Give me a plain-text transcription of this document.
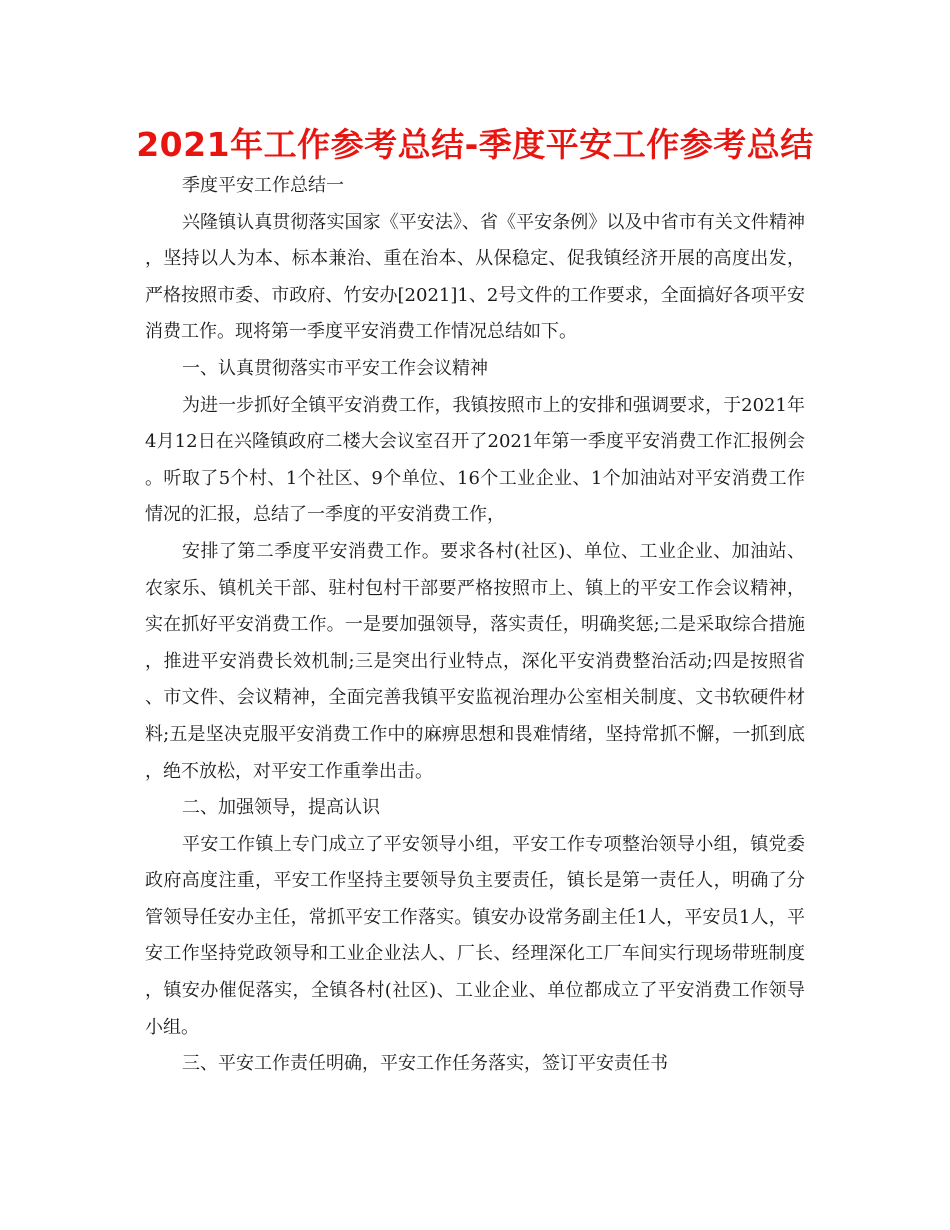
2021年工作参考总结-季度平安工作参考总结

季度平安工作总结一

兴隆镇认真贯彻落实国家《平安法》、省《平安条例》以及中省市有关文件精神，坚持以人为本、标本兼治、重在治本、从保稳定、促我镇经济开展的高度出发，严格按照市委、市政府、竹安办[2021]1、2号文件的工作要求，全面搞好各项平安消费工作。现将第一季度平安消费工作情况总结如下。

一、认真贯彻落实市平安工作会议精神

为进一步抓好全镇平安消费工作，我镇按照市上的安排和强调要求，于2021年4月12日在兴隆镇政府二楼大会议室召开了2021年第一季度平安消费工作汇报例会。听取了5个村、1个社区、9个单位、16个工业企业、1个加油站对平安消费工作情况的汇报，总结了一季度的平安消费工作，

安排了第二季度平安消费工作。要求各村(社区)、单位、工业企业、加油站、农家乐、镇机关干部、驻村包村干部要严格按照市上、镇上的平安工作会议精神，实在抓好平安消费工作。一是要加强领导，落实责任，明确奖惩;二是采取综合措施，推进平安消费长效机制;三是突出行业特点，深化平安消费整治活动;四是按照省、市文件、会议精神，全面完善我镇平安监视治理办公室相关制度、文书软硬件材料;五是坚决克服平安消费工作中的麻痹思想和畏难情绪，坚持常抓不懈，一抓到底，绝不放松，对平安工作重拳出击。

二、加强领导，提高认识

平安工作镇上专门成立了平安领导小组，平安工作专项整治领导小组，镇党委政府高度注重，平安工作坚持主要领导负主要责任，镇长是第一责任人，明确了分管领导任安办主任，常抓平安工作落实。镇安办设常务副主任1人，平安员1人，平安工作坚持党政领导和工业企业法人、厂长、经理深化工厂车间实行现场带班制度，镇安办催促落实，全镇各村(社区)、工业企业、单位都成立了平安消费工作领导小组。

三、平安工作责任明确，平安工作任务落实，签订平安责任书
